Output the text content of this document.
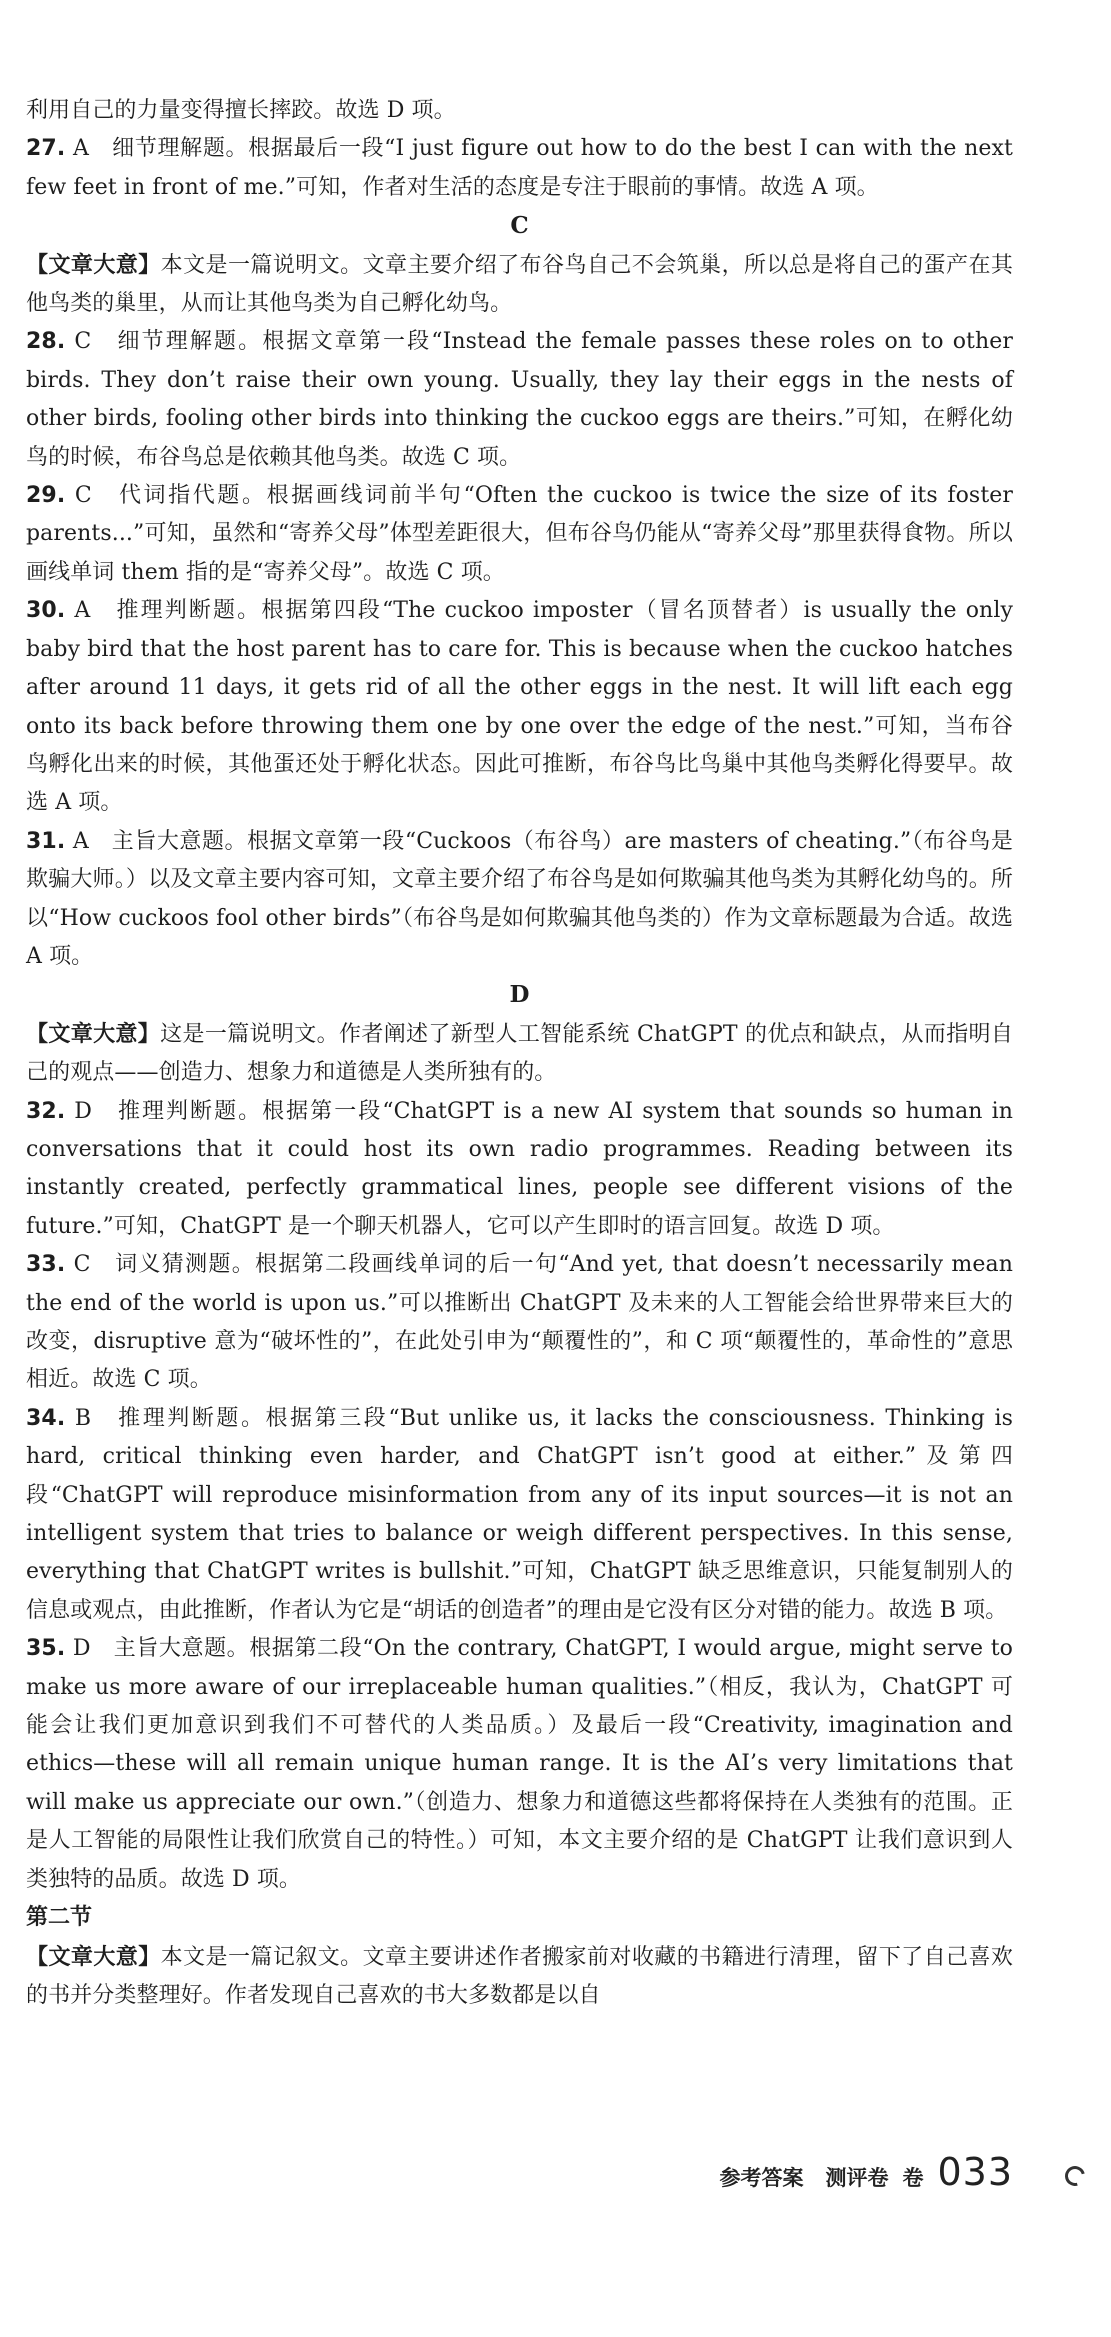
利用自己的力量变得擅长摔跤。故选 D 项。

27. A　细节理解题。根据最后一段“I just figure out how to do the best I can with the next few feet in front of me.”可知，作者对生活的态度是专注于眼前的事情。故选 A 项。

C

【文章大意】本文是一篇说明文。文章主要介绍了布谷鸟自己不会筑巢，所以总是将自己的蛋产在其他鸟类的巢里，从而让其他鸟类为自己孵化幼鸟。

28. C　细节理解题。根据文章第一段“Instead the female passes these roles on to other birds. They don’t raise their own young. Usually, they lay their eggs in the nests of other birds, fooling other birds into thinking the cuckoo eggs are theirs.”可知，在孵化幼鸟的时候，布谷鸟总是依赖其他鸟类。故选 C 项。

29. C　代词指代题。根据画线词前半句“Often the cuckoo is twice the size of its foster parents...”可知，虽然和“寄养父母”体型差距很大，但布谷鸟仍能从“寄养父母”那里获得食物。所以画线单词 them 指的是“寄养父母”。故选 C 项。

30. A　推理判断题。根据第四段“The cuckoo imposter（冒名顶替者）is usually the only baby bird that the host parent has to care for. This is because when the cuckoo hatches after around 11 days, it gets rid of all the other eggs in the nest. It will lift each egg onto its back before throwing them one by one over the edge of the nest.”可知，当布谷鸟孵化出来的时候，其他蛋还处于孵化状态。因此可推断，布谷鸟比鸟巢中其他鸟类孵化得要早。故选 A 项。

31. A　主旨大意题。根据文章第一段“Cuckoos（布谷鸟）are masters of cheating.”（布谷鸟是欺骗大师。）以及文章主要内容可知，文章主要介绍了布谷鸟是如何欺骗其他鸟类为其孵化幼鸟的。所以“How cuckoos fool other birds”（布谷鸟是如何欺骗其他鸟类的）作为文章标题最为合适。故选 A 项。

D

【文章大意】这是一篇说明文。作者阐述了新型人工智能系统 ChatGPT 的优点和缺点，从而指明自己的观点——创造力、想象力和道德是人类所独有的。

32. D　推理判断题。根据第一段“ChatGPT is a new AI system that sounds so human in conversations that it could host its own radio programmes. Reading between its instantly created, perfectly grammatical lines, people see different visions of the future.”可知，ChatGPT 是一个聊天机器人，它可以产生即时的语言回复。故选 D 项。

33. C　词义猜测题。根据第二段画线单词的后一句“And yet, that doesn’t necessarily mean the end of the world is upon us.”可以推断出 ChatGPT 及未来的人工智能会给世界带来巨大的改变，disruptive 意为“破坏性的”，在此处引申为“颠覆性的”，和 C 项“颠覆性的，革命性的”意思相近。故选 C 项。

34. B　推理判断题。根据第三段“But unlike us, it lacks the consciousness. Thinking is hard, critical thinking even harder, and ChatGPT isn’t good at either.”及第四段“ChatGPT will reproduce misinformation from any of its input sources—it is not an intelligent system that tries to balance or weigh different perspectives. In this sense, everything that ChatGPT writes is bullshit.”可知，ChatGPT 缺乏思维意识，只能复制别人的信息或观点，由此推断，作者认为它是“胡话的创造者”的理由是它没有区分对错的能力。故选 B 项。

35. D　主旨大意题。根据第二段“On the contrary, ChatGPT, I would argue, might serve to make us more aware of our irreplaceable human qualities.”（相反，我认为，ChatGPT 可能会让我们更加意识到我们不可替代的人类品质。）及最后一段“Creativity, imagination and ethics—these will all remain unique human range. It is the AI’s very limitations that will make us appreciate our own.”（创造力、想象力和道德这些都将保持在人类独有的范围。正是人工智能的局限性让我们欣赏自己的特性。）可知，本文主要介绍的是 ChatGPT 让我们意识到人类独特的品质。故选 D 项。

第二节

【文章大意】本文是一篇记叙文。文章主要讲述作者搬家前对收藏的书籍进行清理，留下了自己喜欢的书并分类整理好。作者发现自己喜欢的书大多数都是以自

参考答案 测评卷 卷 033
